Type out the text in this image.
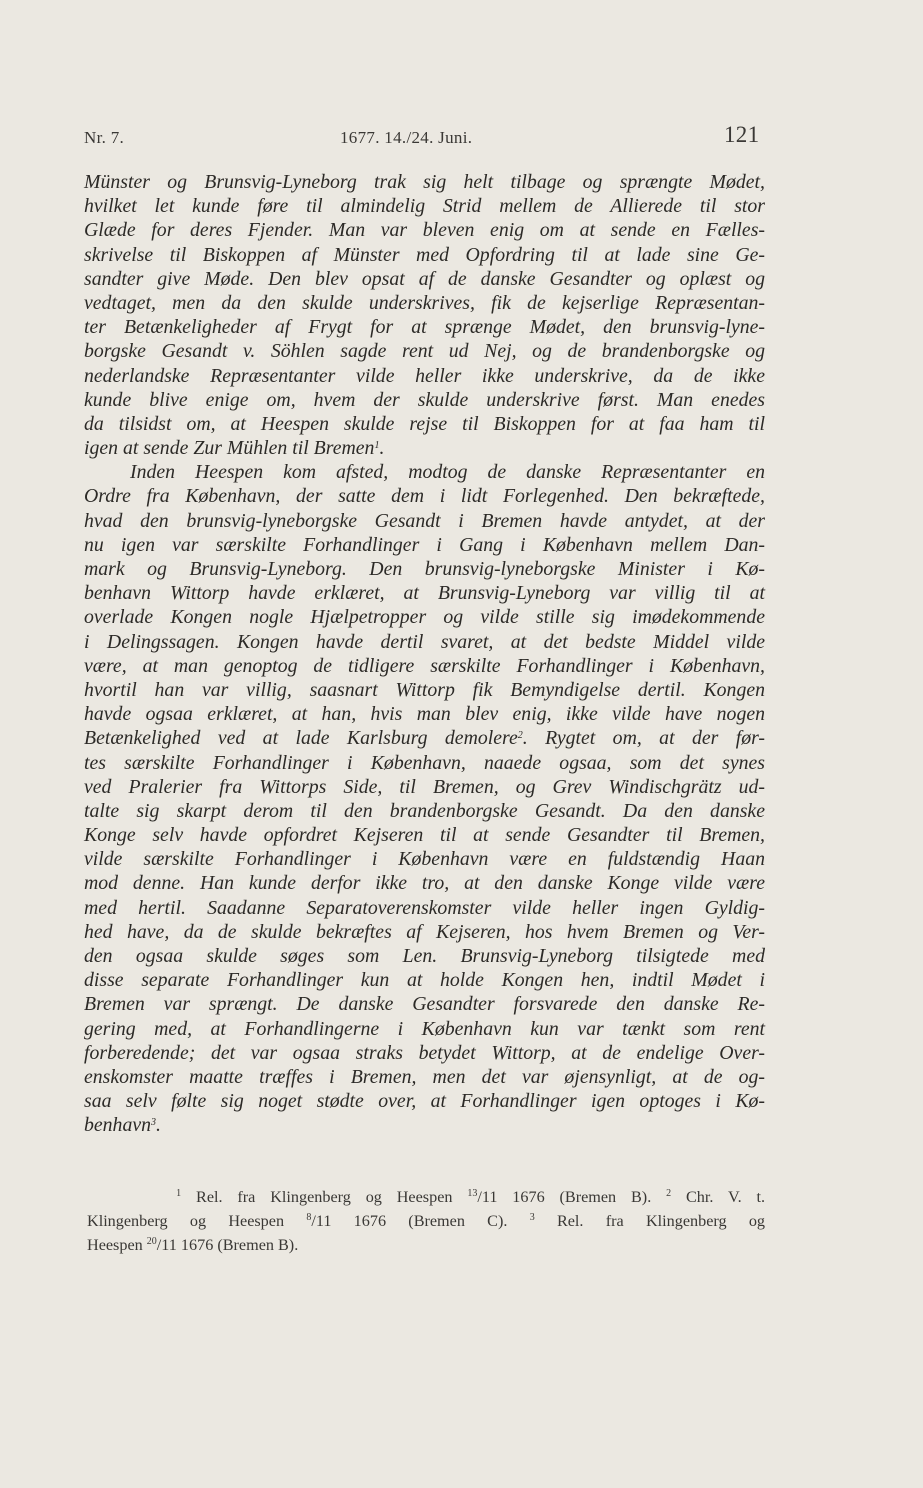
Nr. 7.	1677. 14./24. Juni.	121
Münster og Brunsvig-Lyneborg trak sig helt tilbage og sprængte Mødet,
hvilket let kunde føre til almindelig Strid mellem de Allierede til stor
Glæde for deres Fjender. Man var bleven enig om at sende en Fælles-
skrivelse til Biskoppen af Münster med Opfordring til at lade sine Ge-
sandter give Møde. Den blev opsat af de danske Gesandter og oplæst og
vedtaget, men da den skulde underskrives, fik de kejserlige Repræsentan-
ter Betænkeligheder af Frygt for at sprænge Mødet, den brunsvig-lyne-
borgske Gesandt v. Söhlen sagde rent ud Nej, og de brandenborgske og
nederlandske Repræsentanter vilde heller ikke underskrive, da de ikke
kunde blive enige om, hvem der skulde underskrive først. Man enedes
da tilsidst om, at Heespen skulde rejse til Biskoppen for at faa ham til
igen at sende Zur Mühlen til Bremen$^1$.
Inden Heespen kom afsted, modtog de danske Repræsentanter en
Ordre fra København, der satte dem i lidt Forlegenhed. Den bekræftede,
hvad den brunsvig-lyneborgske Gesandt i Bremen havde antydet, at der
nu igen var særskilte Forhandlinger i Gang i København mellem Dan-
mark og Brunsvig-Lyneborg. Den brunsvig-lyneborgske Minister i Kø-
benhavn Wittorp havde erklæret, at Brunsvig-Lyneborg var villig til at
overlade Kongen nogle Hjælpetropper og vilde stille sig imødekommende
i Delingssagen. Kongen havde dertil svaret, at det bedste Middel vilde
være, at man genoptog de tidligere særskilte Forhandlinger i København,
hvortil han var villig, saasnart Wittorp fik Bemyndigelse dertil. Kongen
havde ogsaa erklæret, at han, hvis man blev enig, ikke vilde have nogen
Betænkelighed ved at lade Karlsburg demolere$^2$. Rygtet om, at der før-
tes særskilte Forhandlinger i København, naaede ogsaa, som det synes
ved Pralerier fra Wittorps Side, til Bremen, og Grev Windischgrätz ud-
talte sig skarpt derom til den brandenborgske Gesandt. Da den danske
Konge selv havde opfordret Kejseren til at sende Gesandter til Bremen,
vilde særskilte Forhandlinger i København være en fuldstændig Haan
mod denne. Han kunde derfor ikke tro, at den danske Konge vilde være
med hertil. Saadanne Separatoverenskomster vilde heller ingen Gyldig-
hed have, da de skulde bekræftes af Kejseren, hos hvem Bremen og Ver-
den ogsaa skulde søges som Len. Brunsvig-Lyneborg tilsigtede med
disse separate Forhandlinger kun at holde Kongen hen, indtil Mødet i
Bremen var sprængt. De danske Gesandter forsvarede den danske Re-
gering med, at Forhandlingerne i København kun var tænkt som rent
forberedende; det var ogsaa straks betydet Wittorp, at de endelige Over-
enskomster maatte træffes i Bremen, men det var øjensynligt, at de og-
saa selv følte sig noget stødte over, at Forhandlinger igen optoges i Kø-
benhavn$^3$.
$^1$ Rel. fra Klingenberg og Heespen $^{13}$/11 1676 (Bremen B). $^2$ Chr. V. t.
Klingenberg og Heespen $^8$/11 1676 (Bremen C). $^3$ Rel. fra Klingenberg og
Heespen $^{20}$/11 1676 (Bremen B).
